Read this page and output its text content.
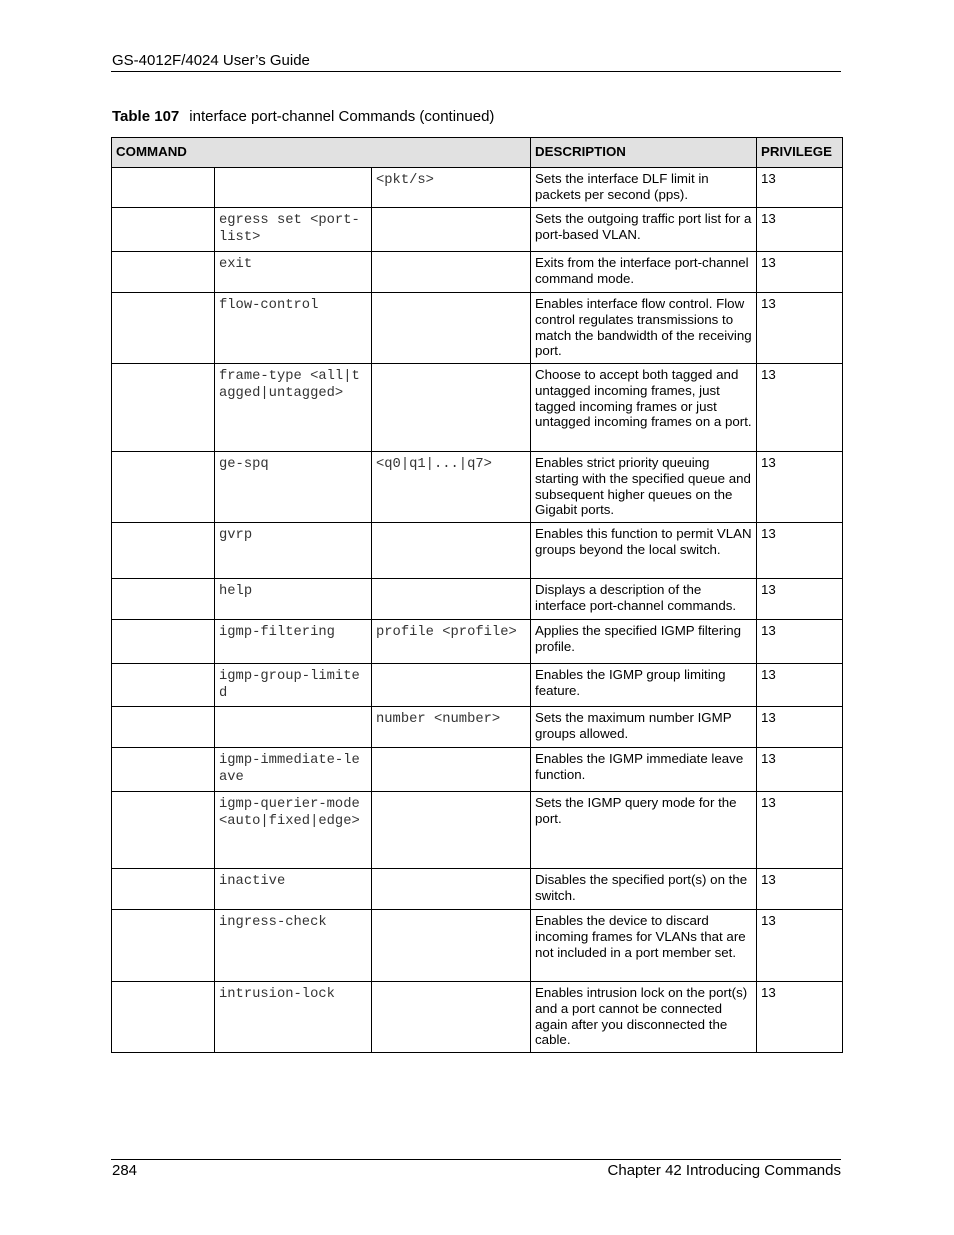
GS-4012F/4024 User’s Guide
Table 107 interface port-channel Commands (continued)
COMMAND			DESCRIPTION	PRIVILEGE
		<pkt/s>	Sets the interface DLF limit in packets per second (pps).	13
	egress set <port-list>		Sets the outgoing traffic port list for a port-based VLAN.	13
	exit		Exits from the interface port-channel command mode.	13
	flow-control		Enables interface flow control. Flow control regulates transmissions to match the bandwidth of the receiving port.	13
	frame-type <all|tagged|untagged>		Choose to accept both tagged and untagged incoming frames, just tagged incoming frames or just untagged incoming frames on a port.	13
	ge-spq	<q0|q1|...|q7>	Enables strict priority queuing starting with the specified queue and subsequent higher queues on the Gigabit ports.	13
	gvrp		Enables this function to permit VLAN groups beyond the local switch.	13
	help		Displays a description of the interface port-channel commands.	13
	igmp-filtering	profile <profile>	Applies the specified IGMP filtering profile.	13
	igmp-group-limited		Enables the IGMP group limiting feature.	13
		number <number>	Sets the maximum number IGMP groups allowed.	13
	igmp-immediate-leave		Enables the IGMP immediate leave function.	13
	igmp-querier-mode <auto|fixed|edge>		Sets the IGMP query mode for the port.	13
	inactive		Disables the specified port(s) on the switch.	13
	ingress-check		Enables the device to discard incoming frames for VLANs that are not included in a port member set.	13
	intrusion-lock		Enables intrusion lock on the port(s) and a port cannot be connected again after you disconnected the cable.	13
284	Chapter 42 Introducing Commands
